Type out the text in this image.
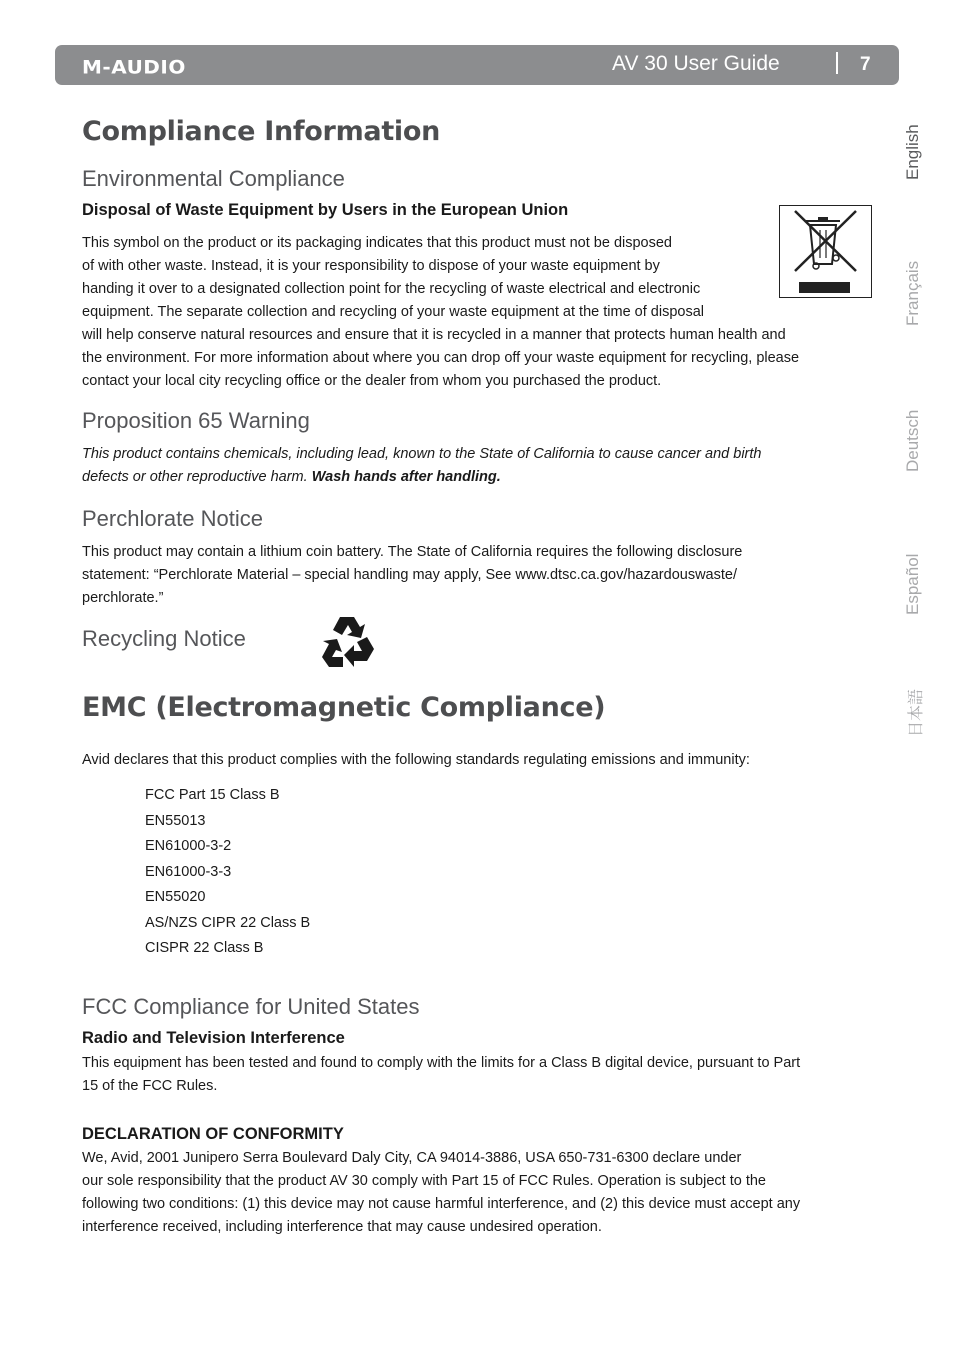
M-AUDIO	AV 30 User Guide	7
English
Français
Deutsch
Español
日本語
Compliance Information
Environmental Compliance
Disposal of Waste Equipment by Users in the European Union
This symbol on the product or its packaging indicates that this product must not be disposed
of with other waste. Instead, it is your responsibility to dispose of your waste equipment by
handing it over to a designated collection point for the recycling of waste electrical and electronic
equipment. The separate collection and recycling of your waste equipment at the time of disposal
will help conserve natural resources and ensure that it is recycled in a manner that protects human health and
the environment. For more information about where you can drop off your waste equipment for recycling, please
contact your local city recycling office or the dealer from whom you purchased the product.
Proposition 65 Warning
This product contains chemicals, including lead, known to the State of California to cause cancer and birth
defects or other reproductive harm. Wash hands after handling.
Perchlorate Notice
This product may contain a lithium coin battery. The State of California requires the following disclosure
statement: “Perchlorate Material – special handling may apply, See www.dtsc.ca.gov/hazardouswaste/
perchlorate.”
Recycling Notice
EMC (Electromagnetic Compliance)
Avid declares that this product complies with the following standards regulating emissions and immunity:
FCC Part 15 Class B
EN55013
EN61000-3-2
EN61000-3-3
EN55020
AS/NZS CIPR 22 Class B
CISPR 22 Class B
FCC Compliance for United States
Radio and Television Interference
This equipment has been tested and found to comply with the limits for a Class B digital device, pursuant to Part
15 of the FCC Rules.
DECLARATION OF CONFORMITY
We, Avid, 2001 Junipero Serra Boulevard Daly City, CA 94014-3886, USA 650-731-6300 declare under
our sole responsibility that the product AV 30 comply with Part 15 of FCC Rules. Operation is subject to the
following two conditions: (1) this device may not cause harmful interference, and (2) this device must accept any
interference received, including interference that may cause undesired operation.
